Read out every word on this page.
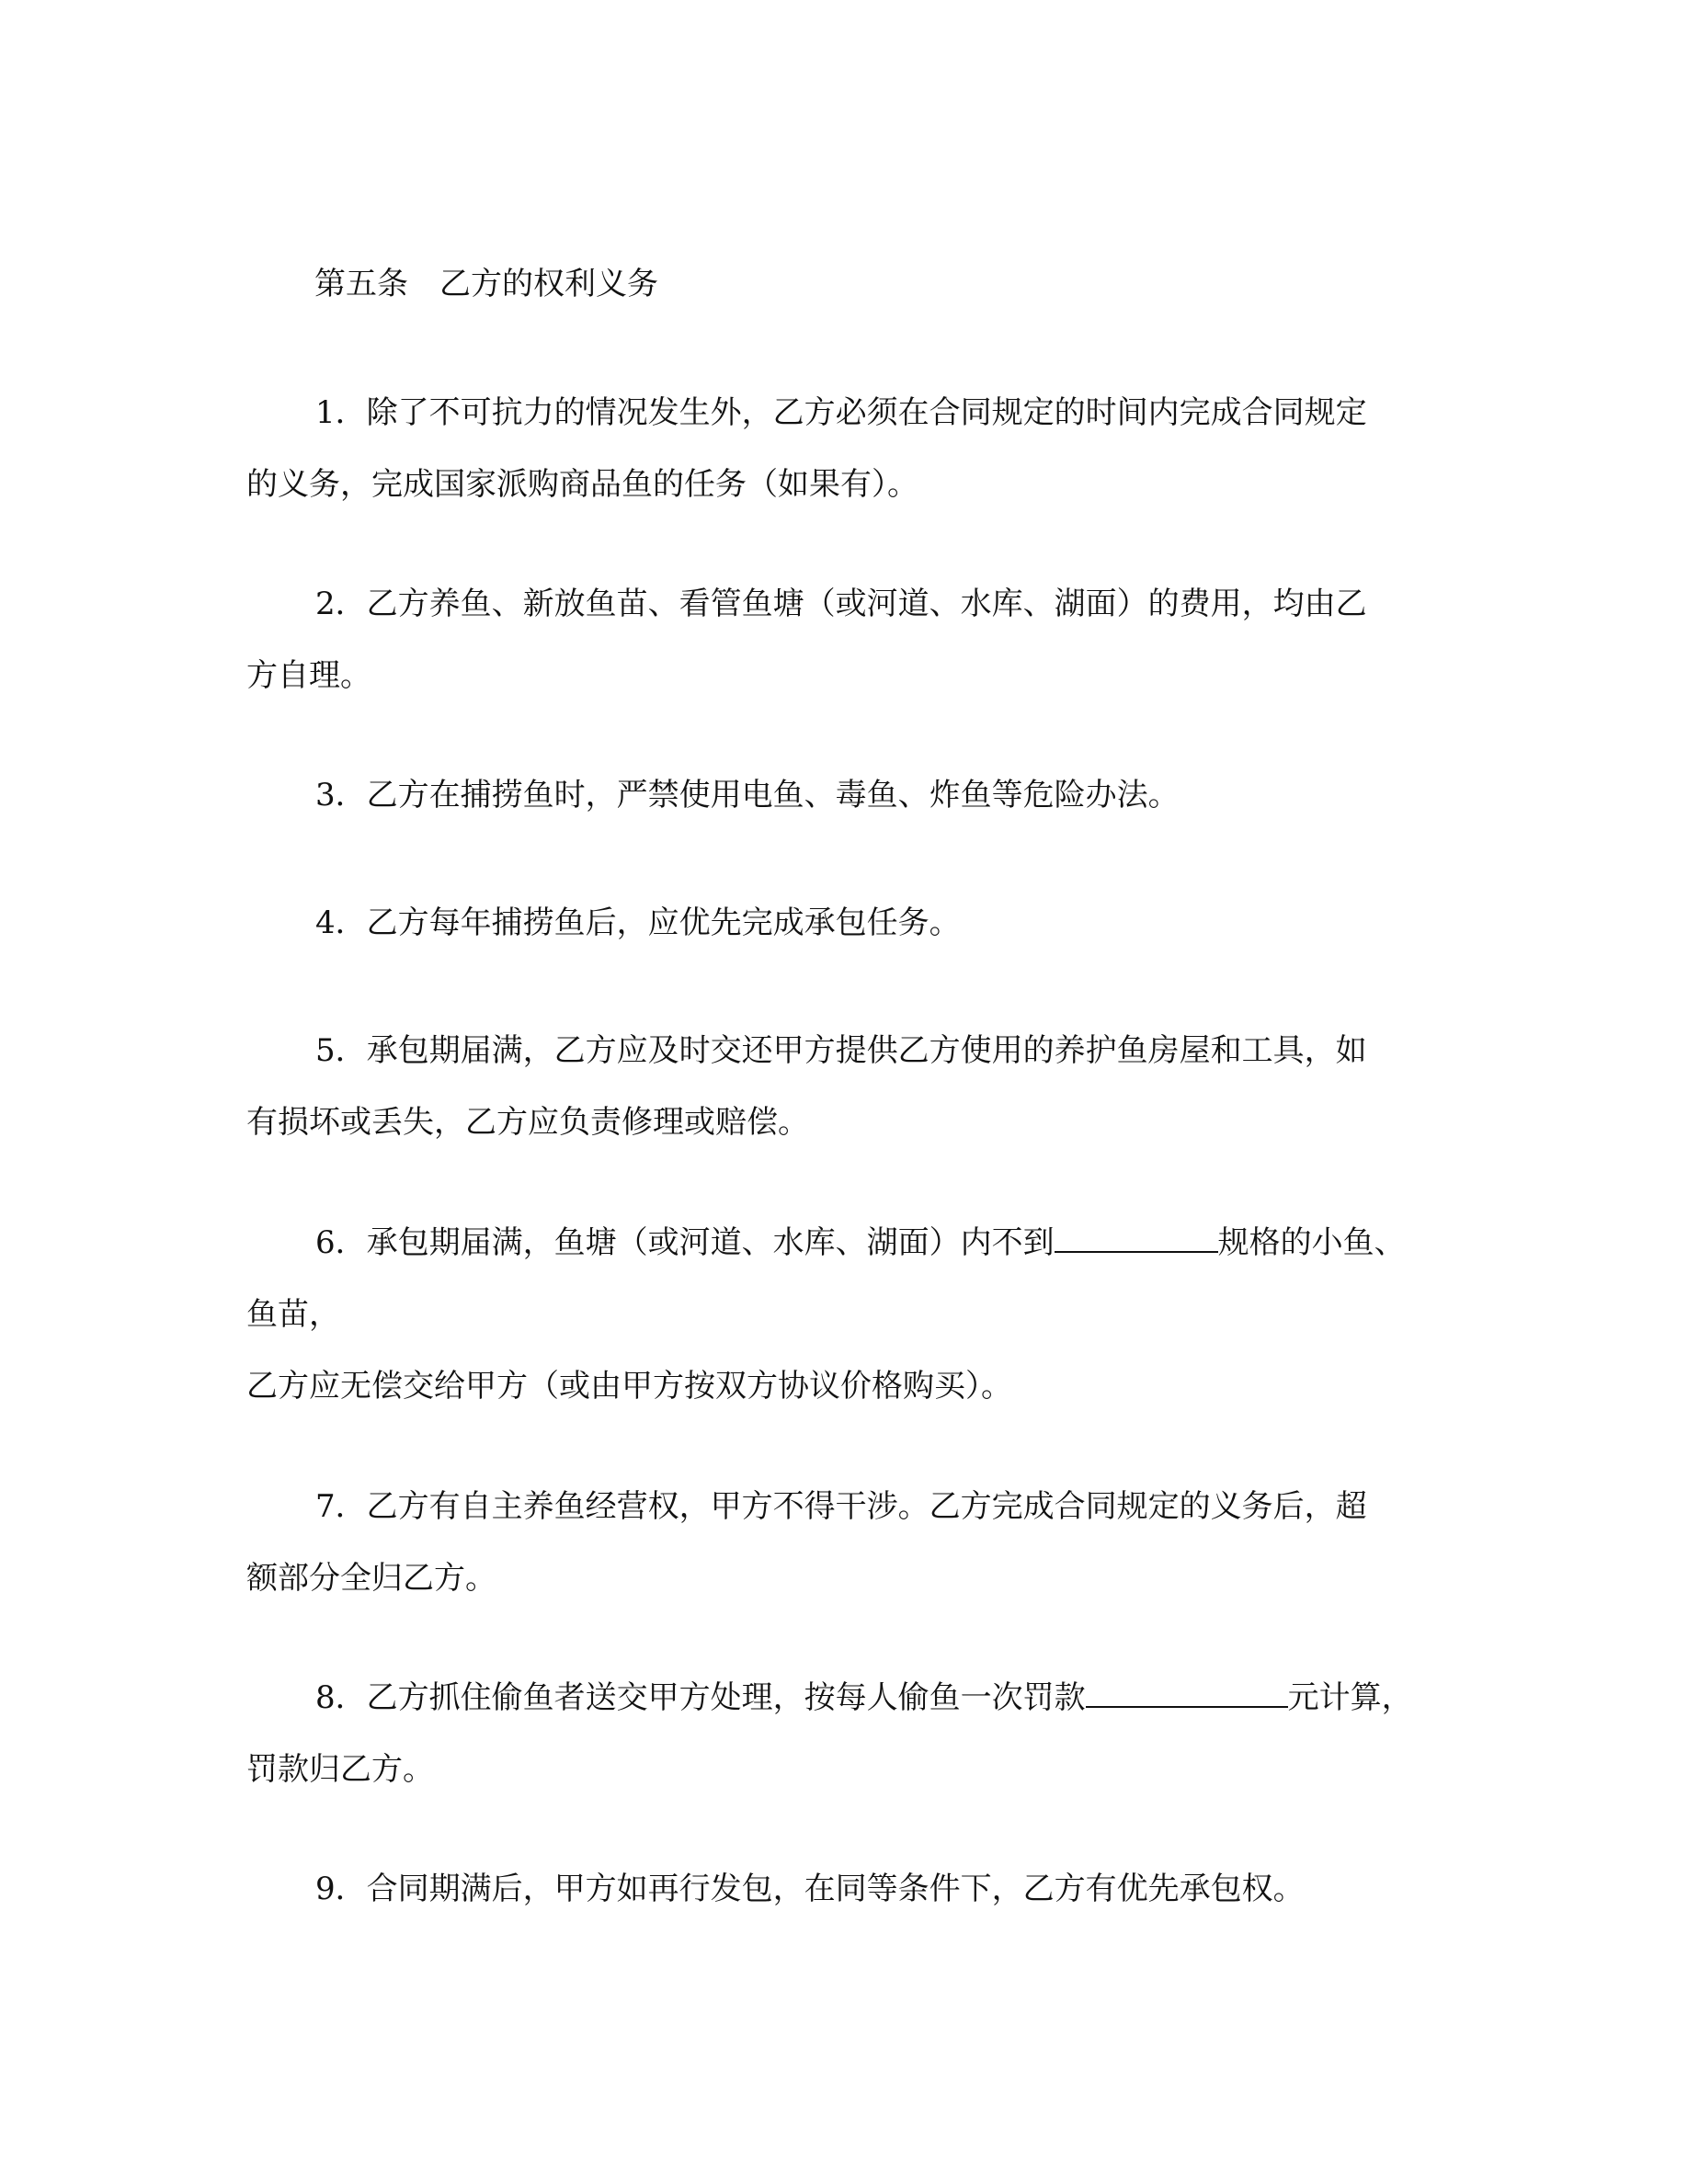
第五条 乙方的权利义务
1．除了不可抗力的情况发生外，乙方必须在合同规定的时间内完成合同规定
的义务，完成国家派购商品鱼的任务（如果有）。
2．乙方养鱼、新放鱼苗、看管鱼塘（或河道、水库、湖面）的费用，均由乙
方自理。
3．乙方在捕捞鱼时，严禁使用电鱼、毒鱼、炸鱼等危险办法。
4．乙方每年捕捞鱼后，应优先完成承包任务。
5．承包期届满，乙方应及时交还甲方提供乙方使用的养护鱼房屋和工具，如
有损坏或丢失，乙方应负责修理或赔偿。
6．承包期届满，鱼塘（或河道、水库、湖面）内不到	规格的小鱼、
鱼苗，
乙方应无偿交给甲方（或由甲方按双方协议价格购买）。
7．乙方有自主养鱼经营权，甲方不得干涉。乙方完成合同规定的义务后，超
额部分全归乙方。
8．乙方抓住偷鱼者送交甲方处理，按每人偷鱼一次罚款	元计算，
罚款归乙方。
9．合同期满后，甲方如再行发包，在同等条件下，乙方有优先承包权。
